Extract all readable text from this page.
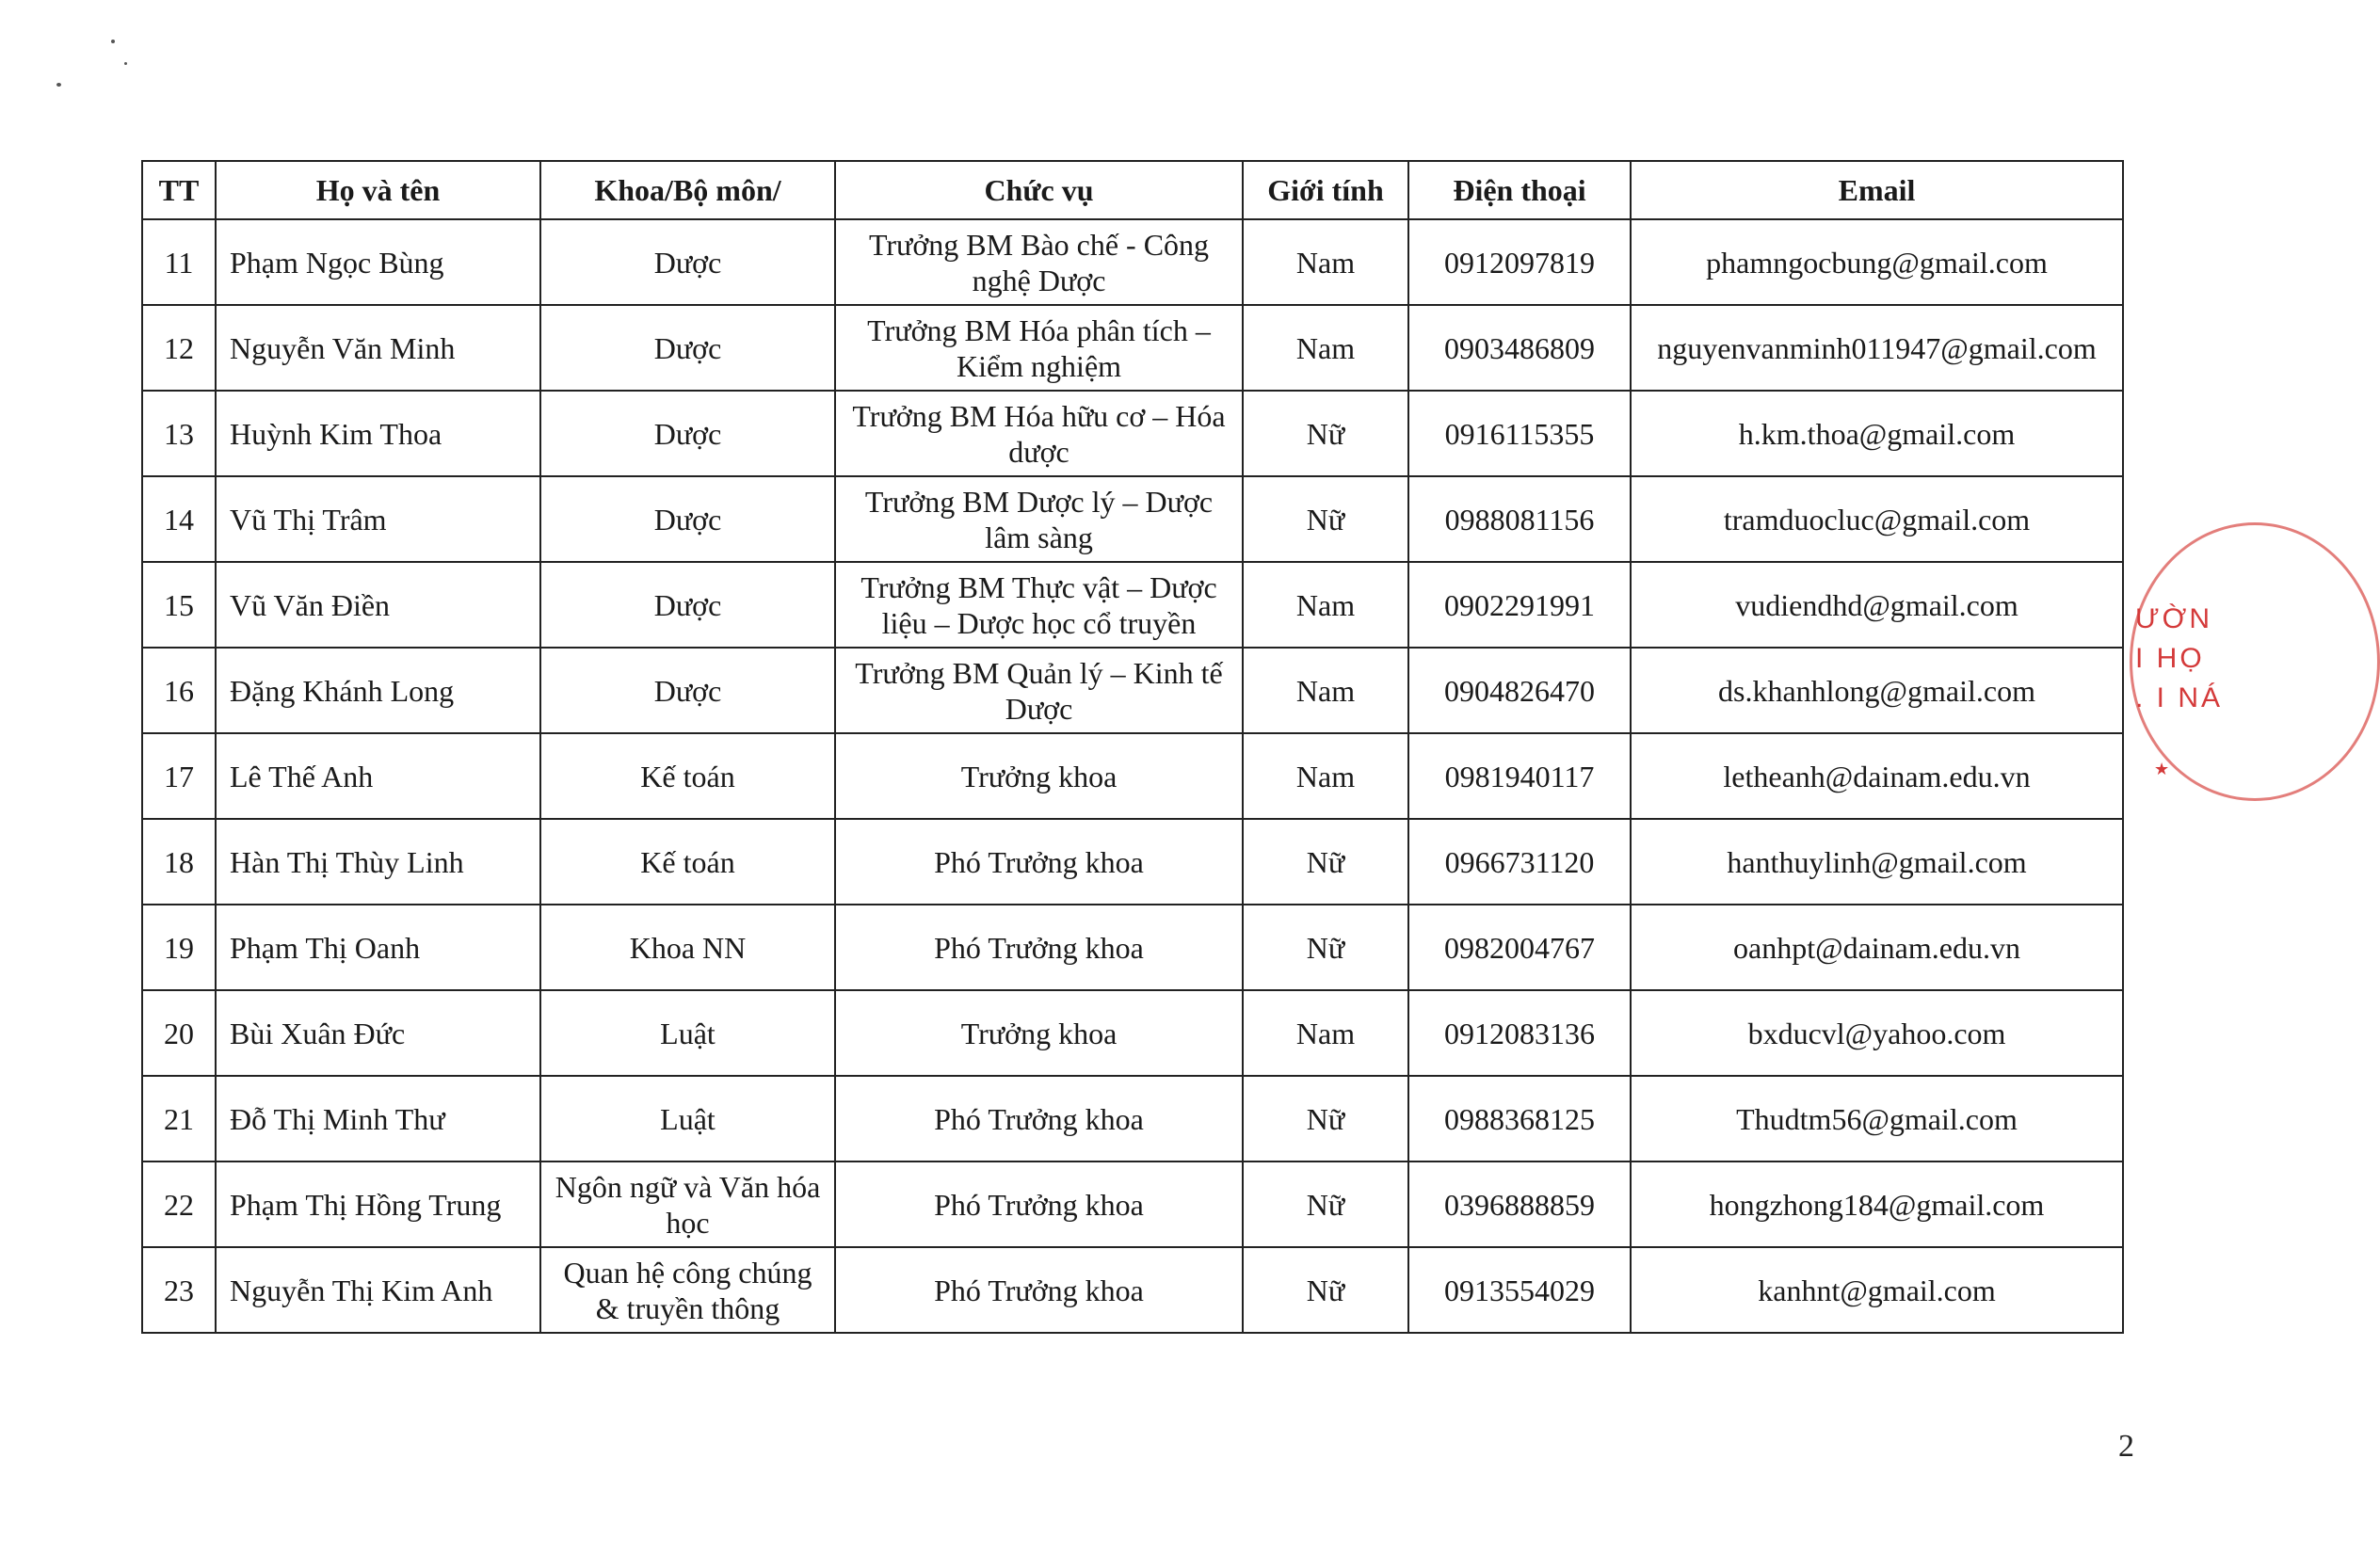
TT	Họ và tên	Khoa/Bộ môn/	Chức vụ	Giới tính	Điện thoại	Email
11	Phạm Ngọc Bùng	Dược	Trưởng BM Bào chế - Công nghệ Dược	Nam	0912097819	phamngocbung@gmail.com
12	Nguyễn Văn Minh	Dược	Trưởng BM Hóa phân tích – Kiểm nghiệm	Nam	0903486809	nguyenvanminh011947@gmail.com
13	Huỳnh Kim Thoa	Dược	Trưởng BM Hóa hữu cơ – Hóa dược	Nữ	0916115355	h.km.thoa@gmail.com
14	Vũ Thị Trâm	Dược	Trưởng BM Dược lý – Dược lâm sàng	Nữ	0988081156	tramduocluc@gmail.com
15	Vũ Văn Điền	Dược	Trưởng BM Thực vật – Dược liệu – Dược học cổ truyền	Nam	0902291991	vudiendhd@gmail.com
16	Đặng Khánh Long	Dược	Trưởng BM Quản lý – Kinh tế Dược	Nam	0904826470	ds.khanhlong@gmail.com
17	Lê Thế Anh	Kế toán	Trưởng khoa	Nam	0981940117	letheanh@dainam.edu.vn
18	Hàn Thị Thùy Linh	Kế toán	Phó Trưởng khoa	Nữ	0966731120	hanthuylinh@gmail.com
19	Phạm Thị Oanh	Khoa NN	Phó Trưởng khoa	Nữ	0982004767	oanhpt@dainam.edu.vn
20	Bùi Xuân Đức	Luật	Trưởng khoa	Nam	0912083136	bxducvl@yahoo.com
21	Đỗ Thị Minh Thư	Luật	Phó Trưởng khoa	Nữ	0988368125	Thudtm56@gmail.com
22	Phạm Thị Hồng Trung	Ngôn ngữ và Văn hóa học	Phó Trưởng khoa	Nữ	0396888859	hongzhong184@gmail.com
23	Nguyễn Thị Kim Anh	Quan hệ công chúng & truyền thông	Phó Trưởng khoa	Nữ	0913554029	kanhnt@gmail.com
ƯỜN
I HỌ
. I NÁ
★
2
